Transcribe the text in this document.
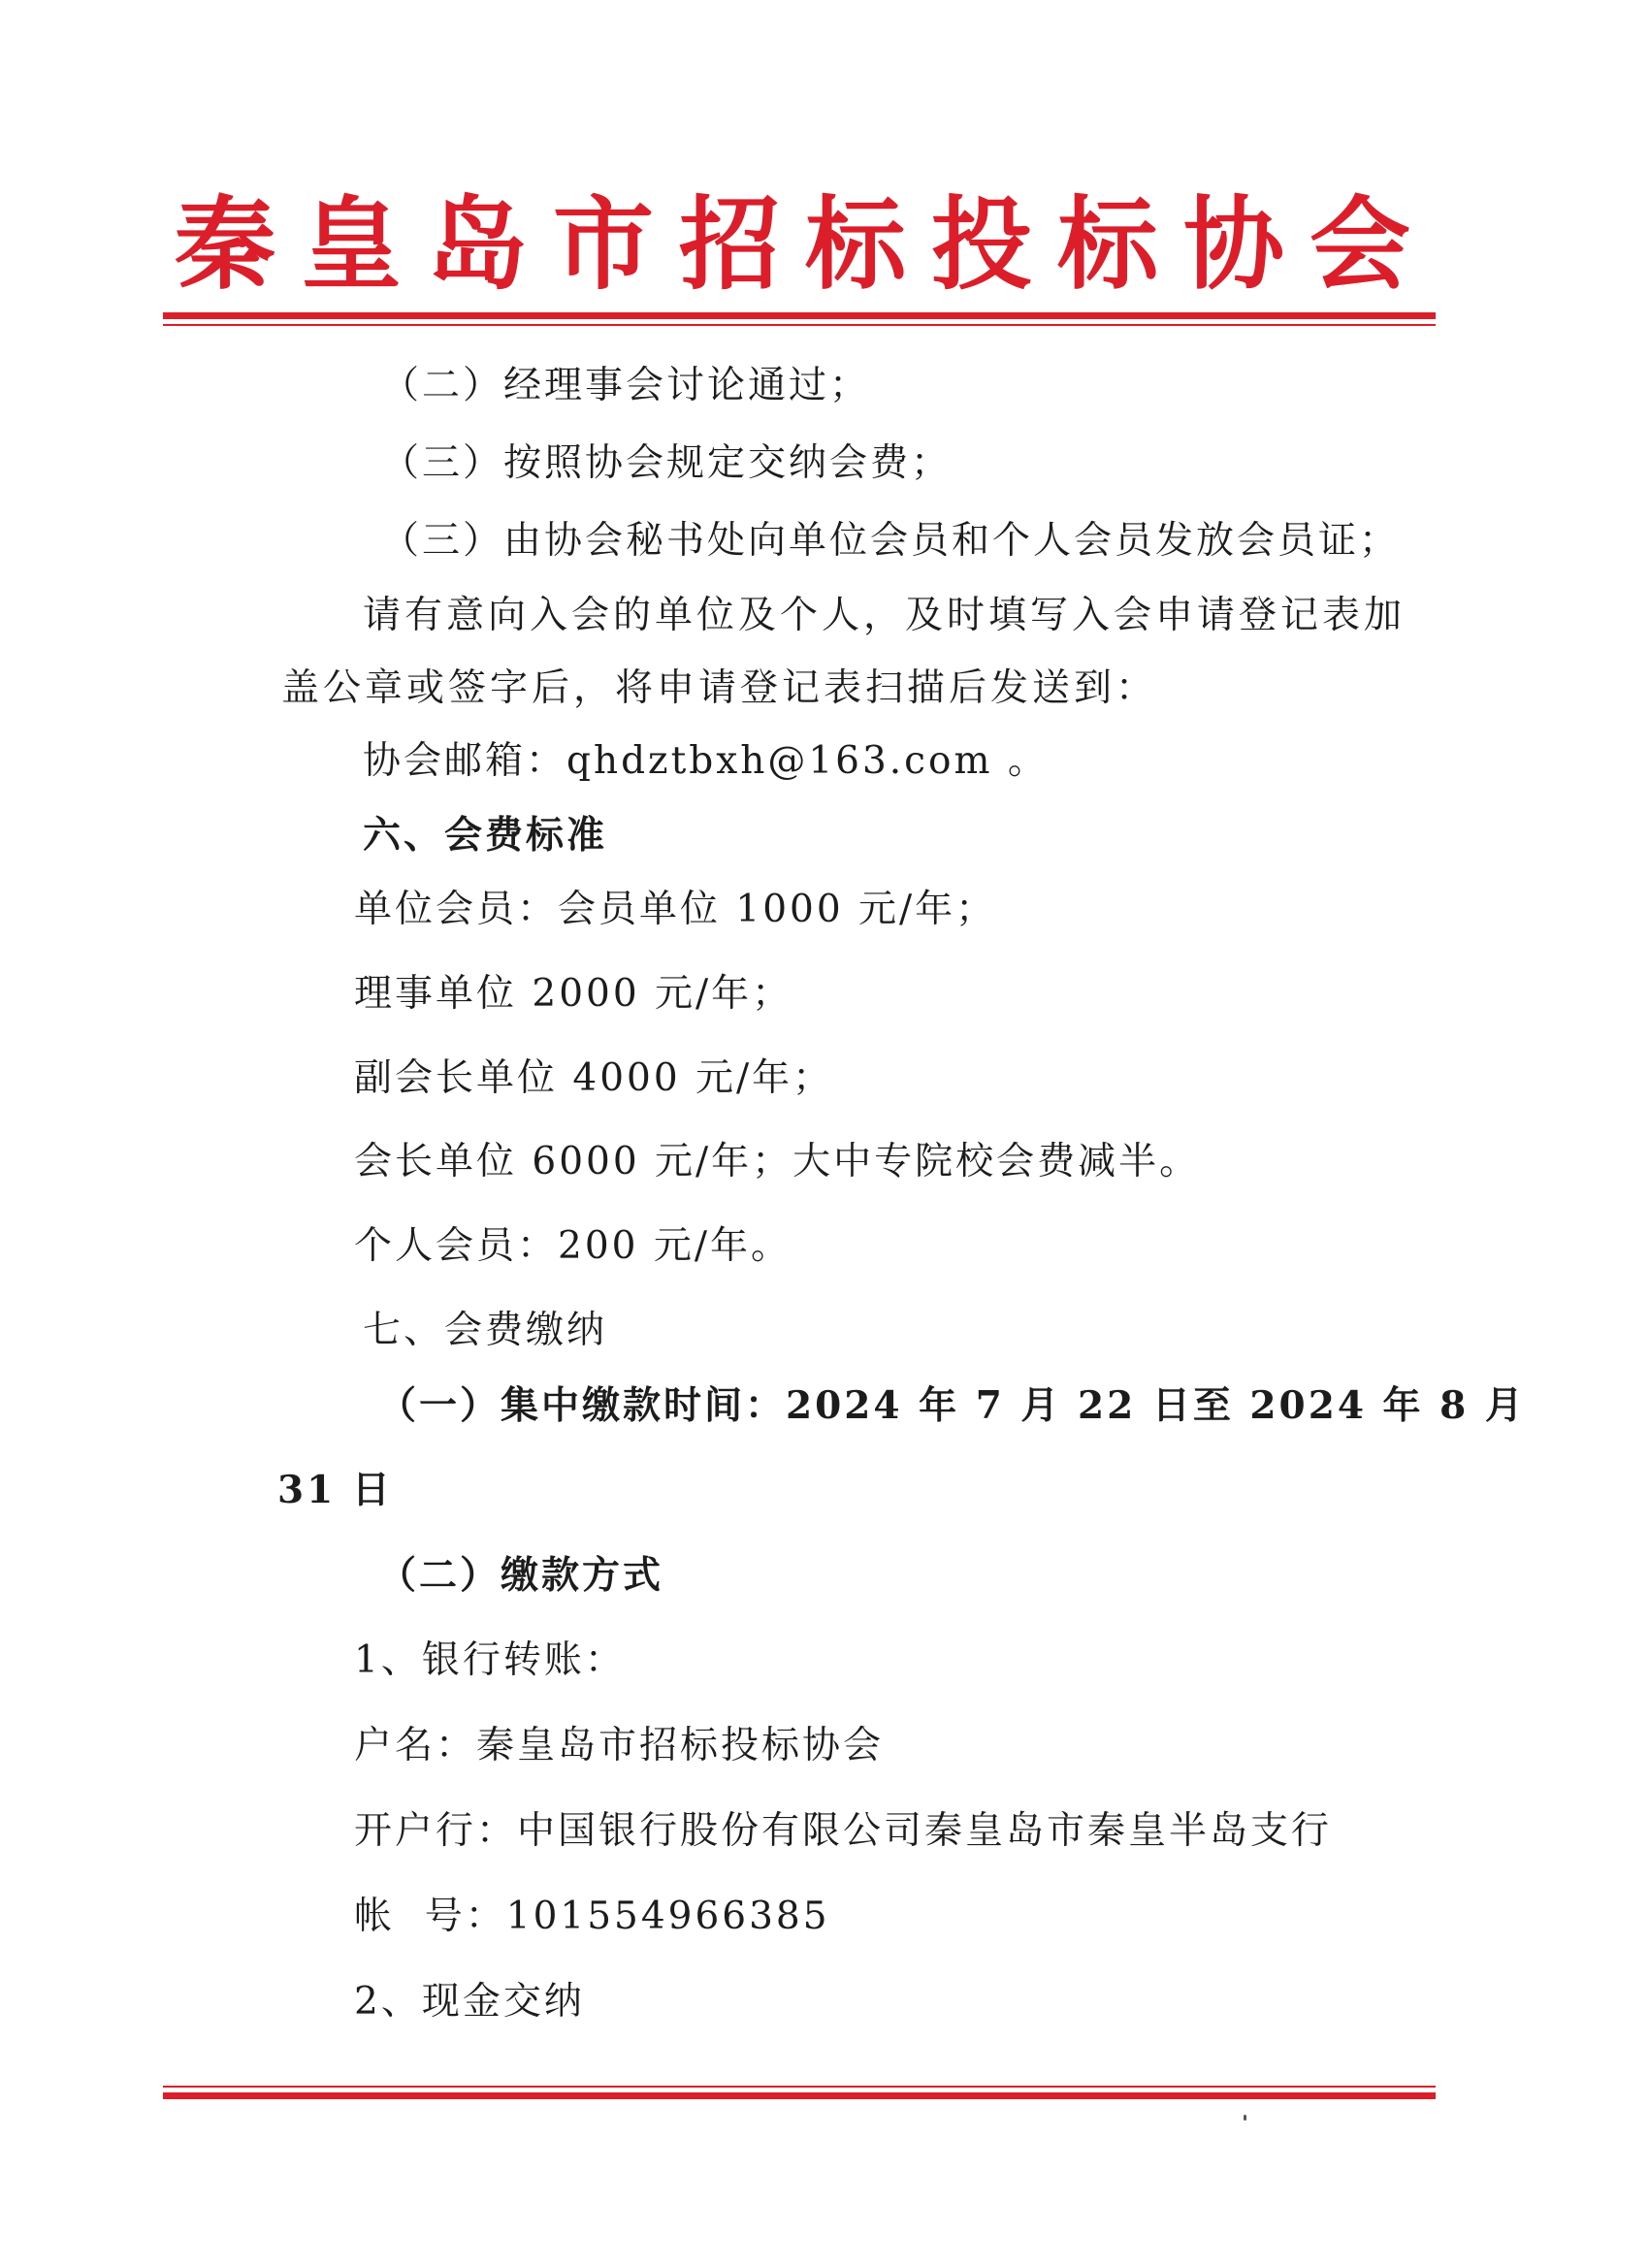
秦皇岛市招标投标协会
（二）经理事会讨论通过；
（三）按照协会规定交纳会费；
（三）由协会秘书处向单位会员和个人会员发放会员证；
请有意向入会的单位及个人，及时填写入会申请登记表加
盖公章或签字后，将申请登记表扫描后发送到：
协会邮箱：qhdztbxh@163.com 。
六、会费标准
单位会员：会员单位 1000 元/年；
理事单位 2000 元/年；
副会长单位 4000 元/年；
会长单位 6000 元/年；大中专院校会费减半。
个人会员：200 元/年。
七、会费缴纳
（一）集中缴款时间：2024 年 7 月 22 日至 2024 年 8 月
31 日
（二）缴款方式
1、银行转账：
户名：秦皇岛市招标投标协会
开户行：中国银行股份有限公司秦皇岛市秦皇半岛支行
帐  号：101554966385
2、现金交纳
